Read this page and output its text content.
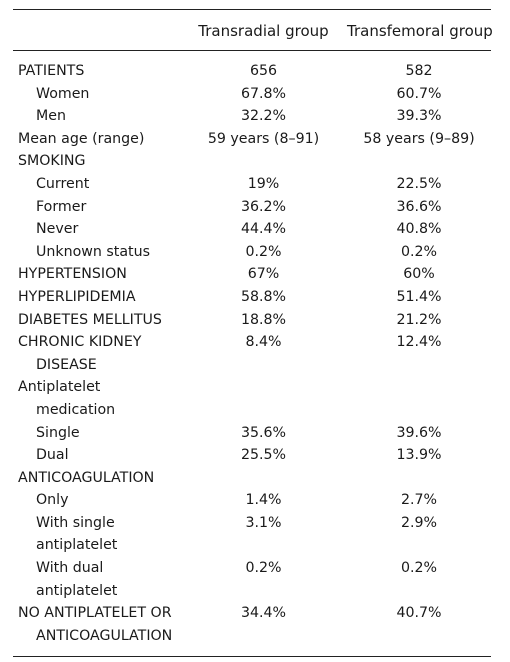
Transradial group Transfemoral group
PATIENTS	656	582
Women	67.8%	60.7%
Men	32.2%	39.3%
Mean age (range)	59 years (8–91)	58 years (9–89)
SMOKING
Current	19%	22.5%
Former	36.2%	36.6%
Never	44.4%	40.8%
Unknown status	0.2%	0.2%
HYPERTENSION	67%	60%
HYPERLIPIDEMIA	58.8%	51.4%
DIABETES MELLITUS	18.8%	21.2%
CHRONIC KIDNEY
DISEASE
8.4%	12.4%
Antiplatelet
medication
Single	35.6%	39.6%
Dual	25.5%	13.9%
ANTICOAGULATION
Only	1.4%	2.7%
With single
antiplatelet
3.1%	2.9%
With dual
antiplatelet
0.2%	0.2%
NO ANTIPLATELET OR
ANTICOAGULATION
34.4%	40.7%
